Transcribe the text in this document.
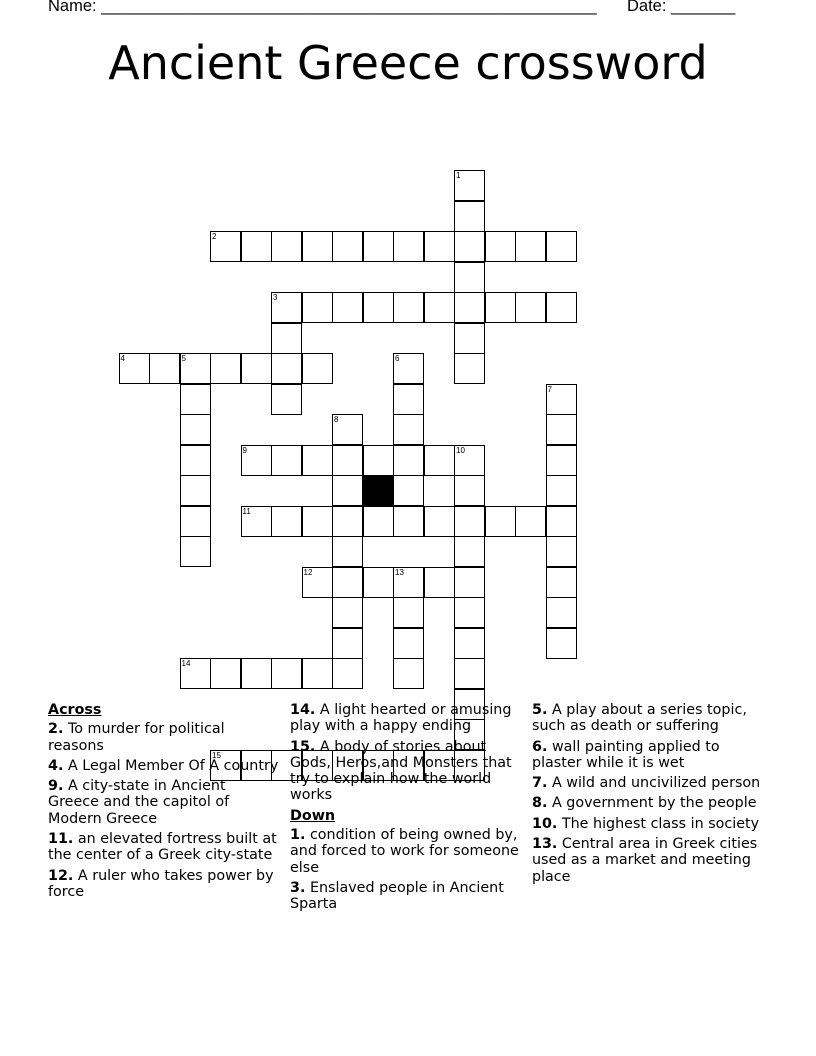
Name: ______________________________________________________ Date: _______
Ancient Greece crossword
1
2
3
4	5	6
7
8
9	10
11
12	13
14
15
Across
2. To murder for political reasons
4. A Legal Member Of A country
9. A city-state in Ancient Greece and the capitol of Modern Greece
11. an elevated fortress built at the center of a Greek city-state
12. A ruler who takes power by force
14. A light hearted or amusing play with a happy ending
15. A body of stories about Gods, Heros,and Monsters that try to explain how the world works
Down
1. condition of being owned by, and forced to work for someone else
3. Enslaved people in Ancient Sparta
5. A play about a series topic, such as death or suffering
6. wall painting applied to plaster while it is wet
7. A wild and uncivilized person
8. A government by the people
10. The highest class in society
13. Central area in Greek cities used as a market and meeting place
